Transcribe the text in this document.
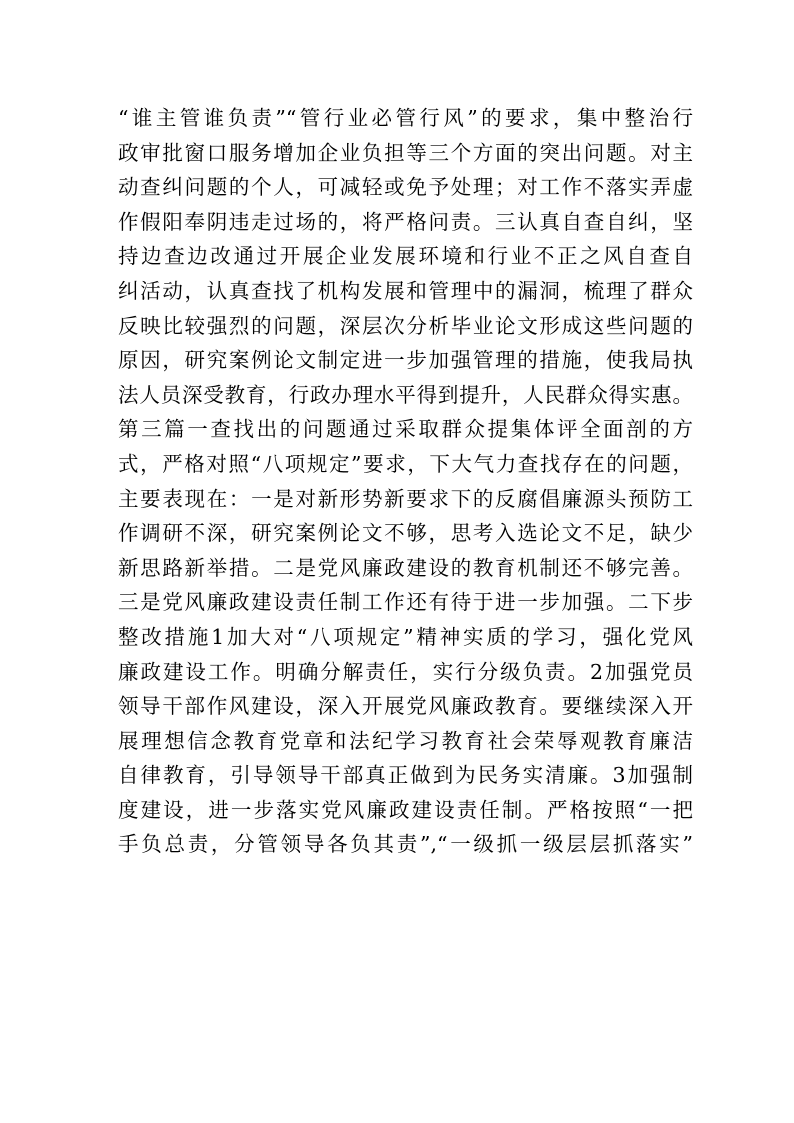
“谁主管谁负责”“管行业必管行风”的要求，集中整治行
政审批窗口服务增加企业负担等三个方面的突出问题。对主
动查纠问题的个人，可减轻或免予处理；对工作不落实弄虚
作假阳奉阴违走过场的，将严格问责。三认真自查自纠，坚
持边查边改通过开展企业发展环境和行业不正之风自查自
纠活动，认真查找了机构发展和管理中的漏洞，梳理了群众
反映比较强烈的问题，深层次分析毕业论文形成这些问题的
原因，研究案例论文制定进一步加强管理的措施，使我局执
法人员深受教育，行政办理水平得到提升，人民群众得实惠。
第三篇一查找出的问题通过采取群众提集体评全面剖的方
式，严格对照“八项规定”要求，下大气力查找存在的问题，
主要表现在：一是对新形势新要求下的反腐倡廉源头预防工
作调研不深，研究案例论文不够，思考入选论文不足，缺少
新思路新举措。二是党风廉政建设的教育机制还不够完善。
三是党风廉政建设责任制工作还有待于进一步加强。二下步
整改措施1加大对“八项规定”精神实质的学习，强化党风
廉政建设工作。明确分解责任，实行分级负责。2加强党员
领导干部作风建设，深入开展党风廉政教育。要继续深入开
展理想信念教育党章和法纪学习教育社会荣辱观教育廉洁
自律教育，引导领导干部真正做到为民务实清廉。3加强制
度建设，进一步落实党风廉政建设责任制。严格按照“一把
手负总责，分管领导各负其责”,“一级抓一级层层抓落实”
